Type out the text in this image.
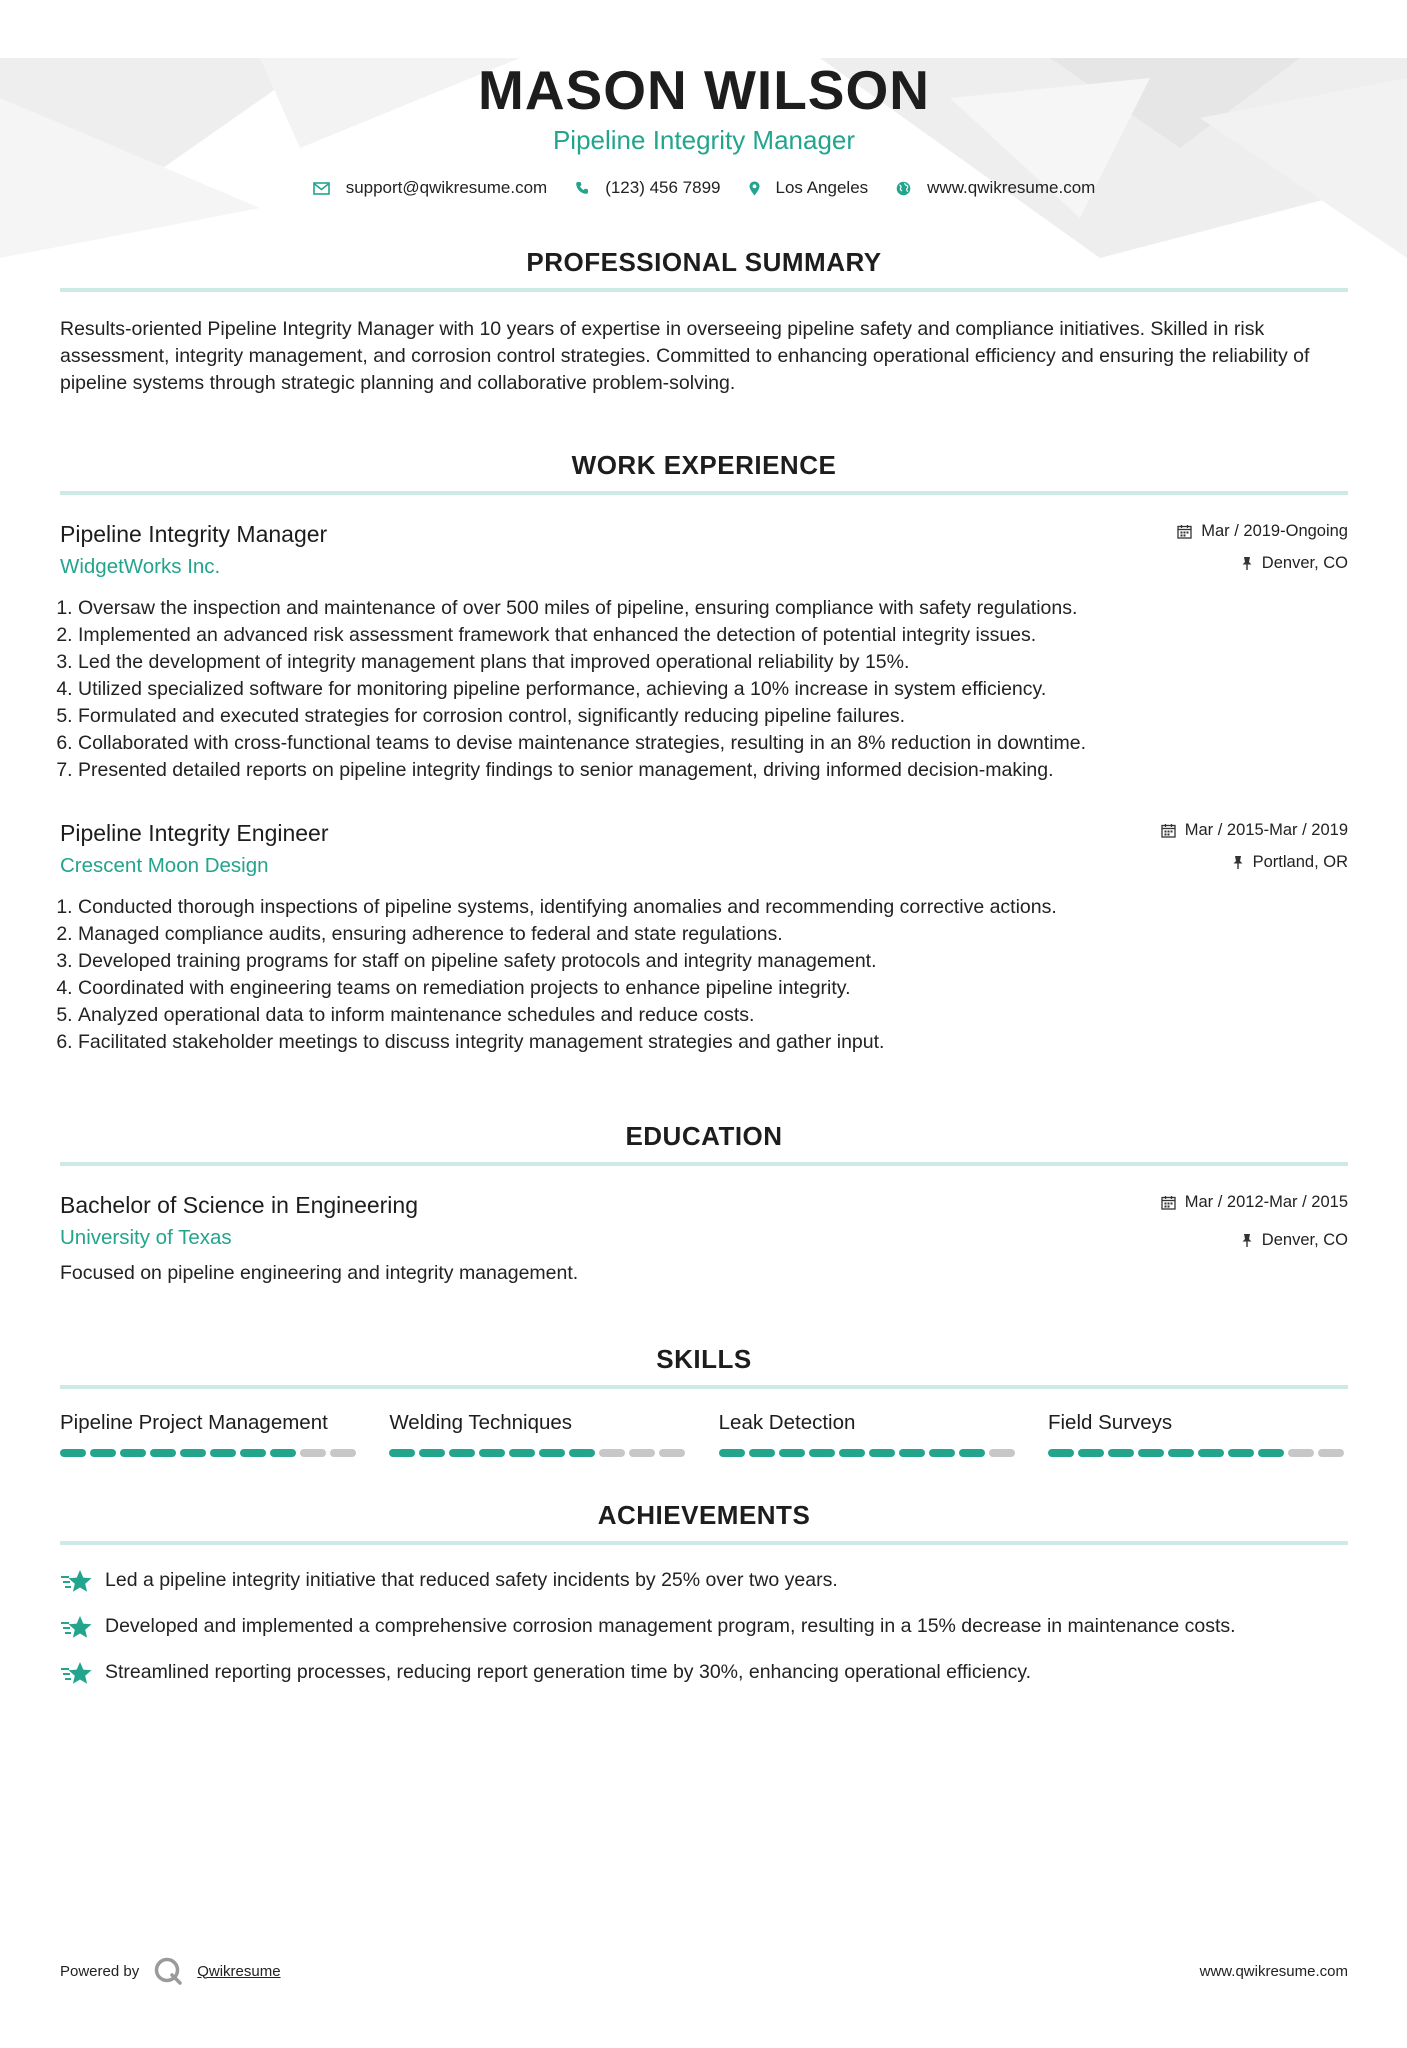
MASON WILSON
Pipeline Integrity Manager
support@qwikresume.com	(123) 456 7899	Los Angeles	www.qwikresume.com
PROFESSIONAL SUMMARY
Results-oriented Pipeline Integrity Manager with 10 years of expertise in overseeing pipeline safety and compliance initiatives. Skilled in risk assessment, integrity management, and corrosion control strategies. Committed to enhancing operational efficiency and ensuring the reliability of pipeline systems through strategic planning and collaborative problem-solving.
WORK EXPERIENCE
Pipeline Integrity Manager
WidgetWorks Inc.
Mar / 2019-Ongoing
Denver, CO
1. Oversaw the inspection and maintenance of over 500 miles of pipeline, ensuring compliance with safety regulations.
2. Implemented an advanced risk assessment framework that enhanced the detection of potential integrity issues.
3. Led the development of integrity management plans that improved operational reliability by 15%.
4. Utilized specialized software for monitoring pipeline performance, achieving a 10% increase in system efficiency.
5. Formulated and executed strategies for corrosion control, significantly reducing pipeline failures.
6. Collaborated with cross-functional teams to devise maintenance strategies, resulting in an 8% reduction in downtime.
7. Presented detailed reports on pipeline integrity findings to senior management, driving informed decision-making.
Pipeline Integrity Engineer
Crescent Moon Design
Mar / 2015-Mar / 2019
Portland, OR
1. Conducted thorough inspections of pipeline systems, identifying anomalies and recommending corrective actions.
2. Managed compliance audits, ensuring adherence to federal and state regulations.
3. Developed training programs for staff on pipeline safety protocols and integrity management.
4. Coordinated with engineering teams on remediation projects to enhance pipeline integrity.
5. Analyzed operational data to inform maintenance schedules and reduce costs.
6. Facilitated stakeholder meetings to discuss integrity management strategies and gather input.
EDUCATION
Bachelor of Science in Engineering
University of Texas
Mar / 2012-Mar / 2015
Denver, CO
Focused on pipeline engineering and integrity management.
SKILLS
Pipeline Project Management	Welding Techniques	Leak Detection	Field Surveys
ACHIEVEMENTS
Led a pipeline integrity initiative that reduced safety incidents by 25% over two years.
Developed and implemented a comprehensive corrosion management program, resulting in a 15% decrease in maintenance costs.
Streamlined reporting processes, reducing report generation time by 30%, enhancing operational efficiency.
Powered by	Qwikresume	www.qwikresume.com
